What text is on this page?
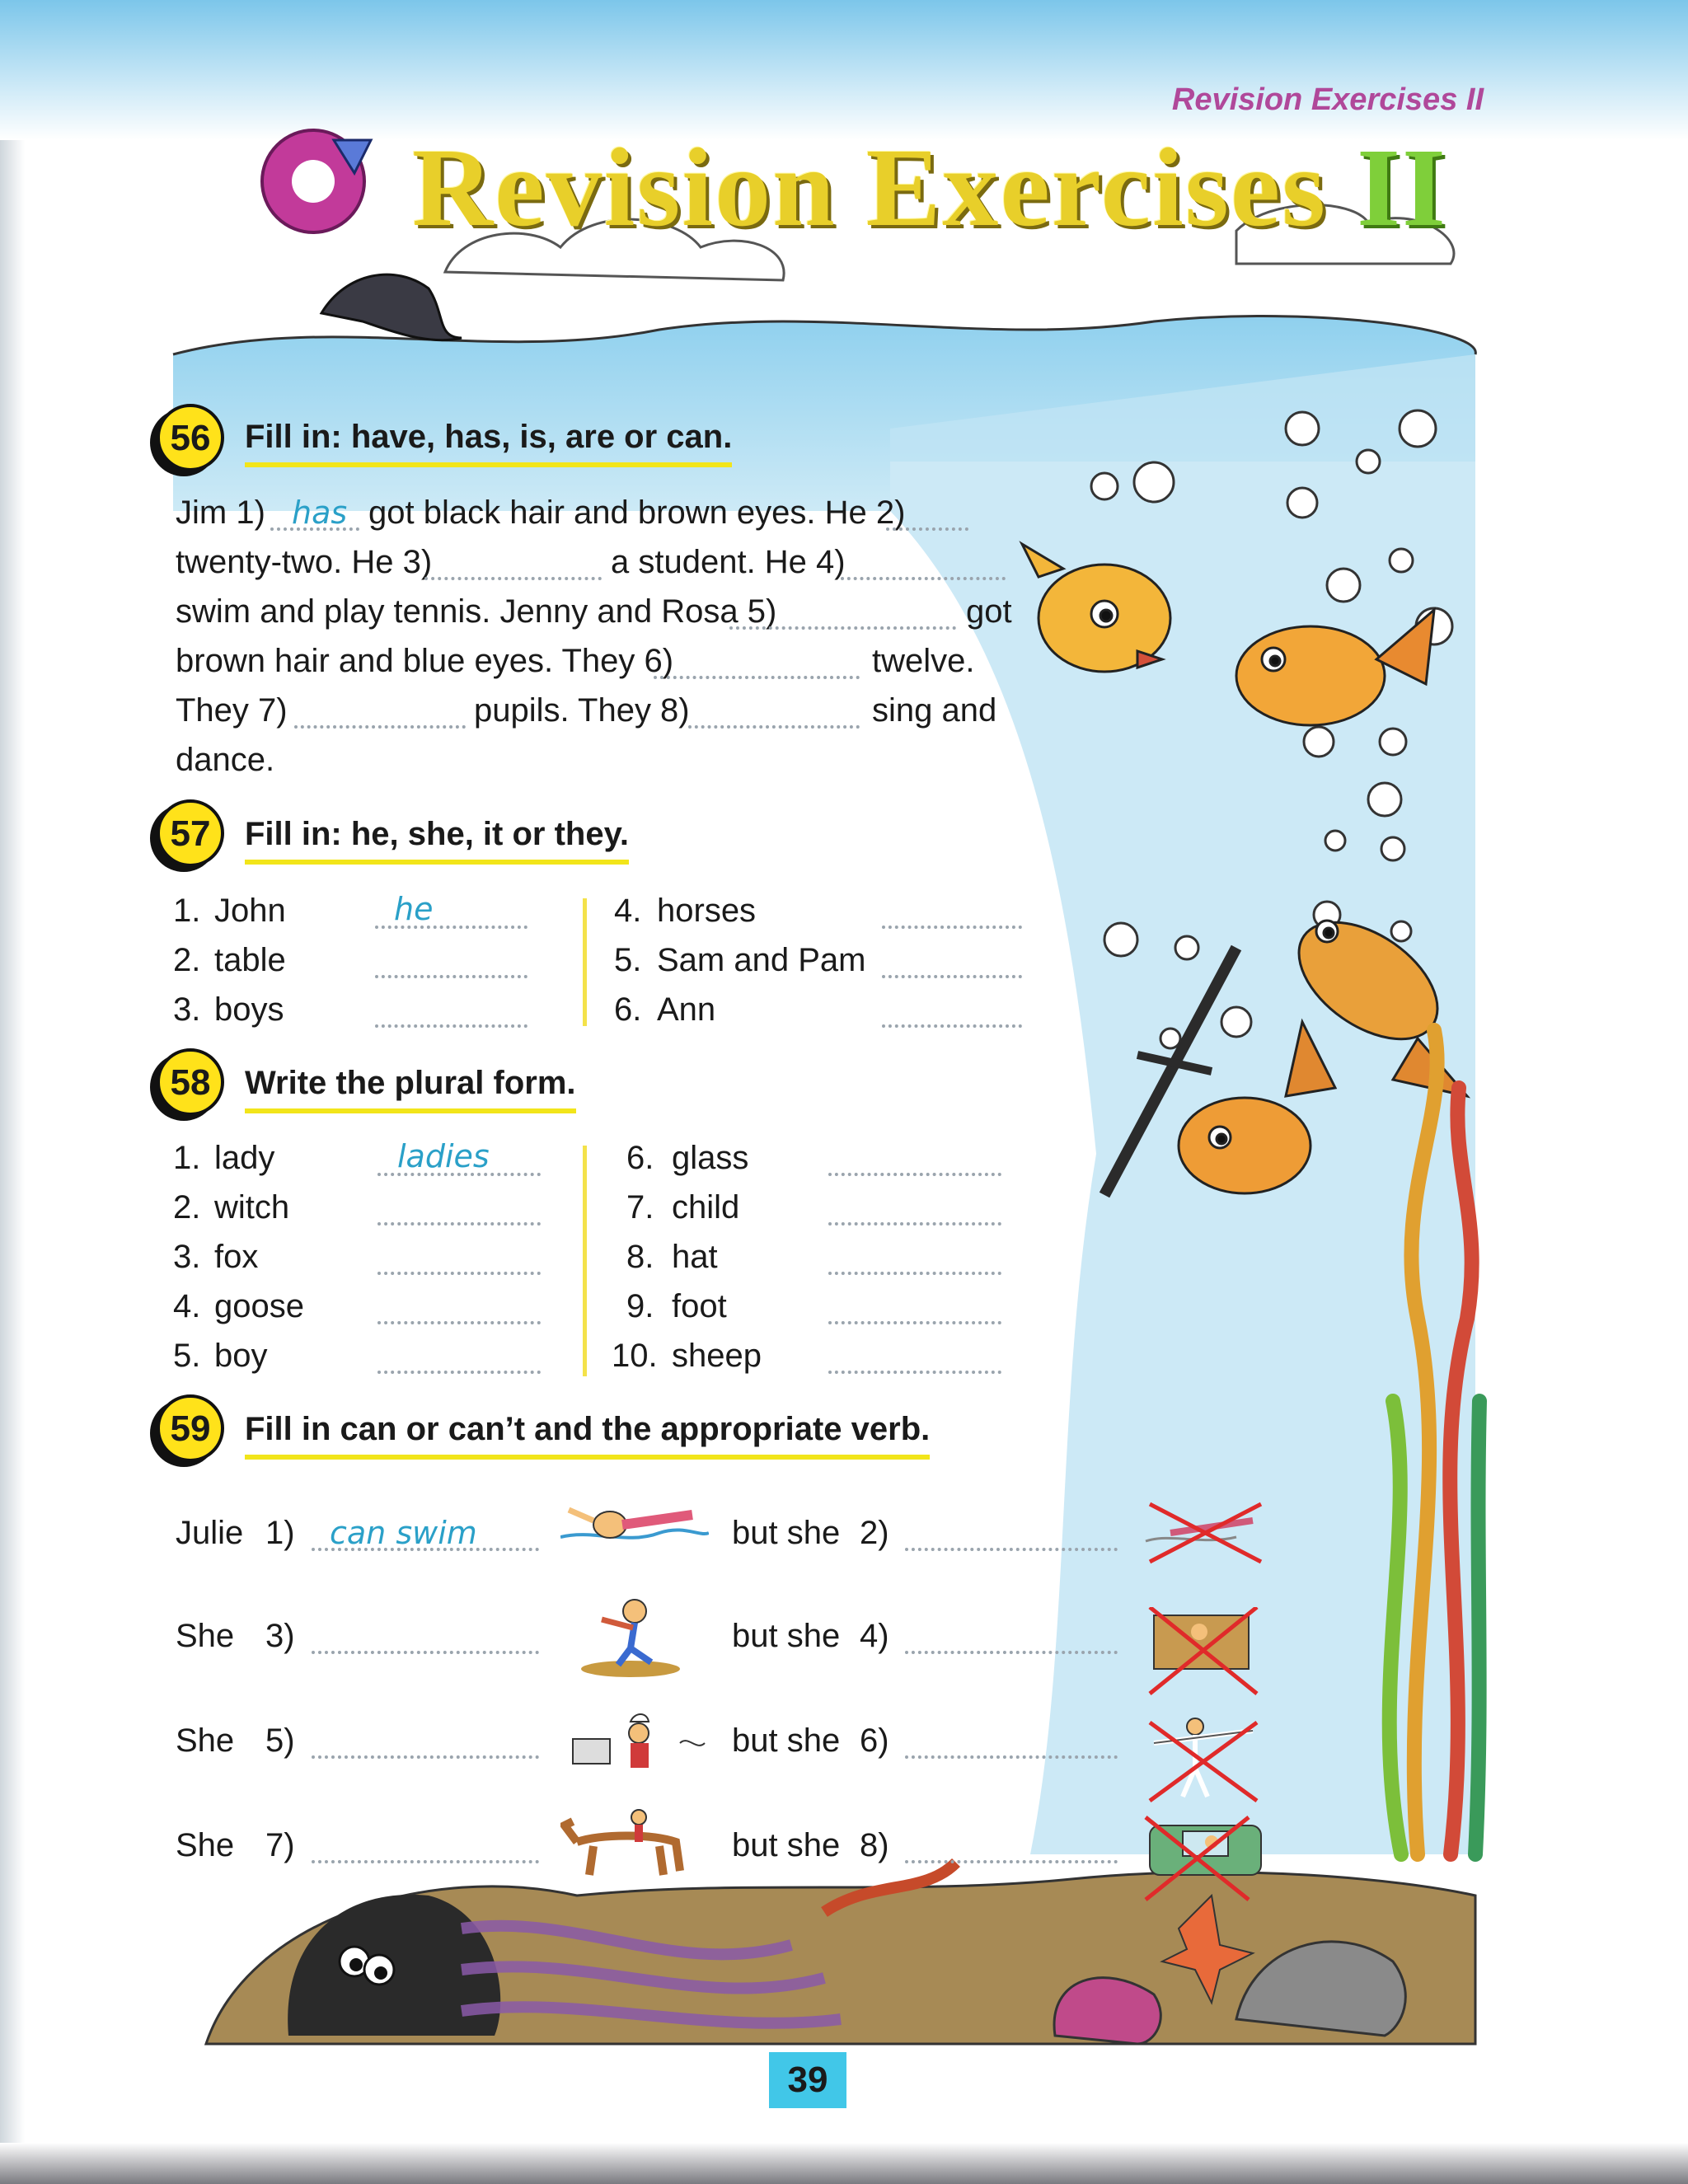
Revision Exercises II
Revision Exercises II
56	Fill in: have, has, is, are or can.
Jim 1) has got black hair and brown eyes. He 2)
twenty-two. He 3)	a student. He 4)
swim and play tennis. Jenny and Rosa 5)	got
brown hair and blue eyes. They 6)	twelve.
They 7)	pupils. They 8)	sing and
dance.
57	Fill in: he, she, it or they.
1. John	he
2. table
3. boys
4. horses
5. Sam and Pam
6. Ann
58	Write the plural form.
1. lady	ladies
2. witch
3. fox
4. goose
5. boy
6. glass
7. child
8. hat
9. foot
10. sheep
59	Fill in can or can’t and the appropriate verb.
Julie 1) can swim	but she 2)
She 3)	but she 4)
She 5)	but she 6)
She 7)	but she 8)
39
